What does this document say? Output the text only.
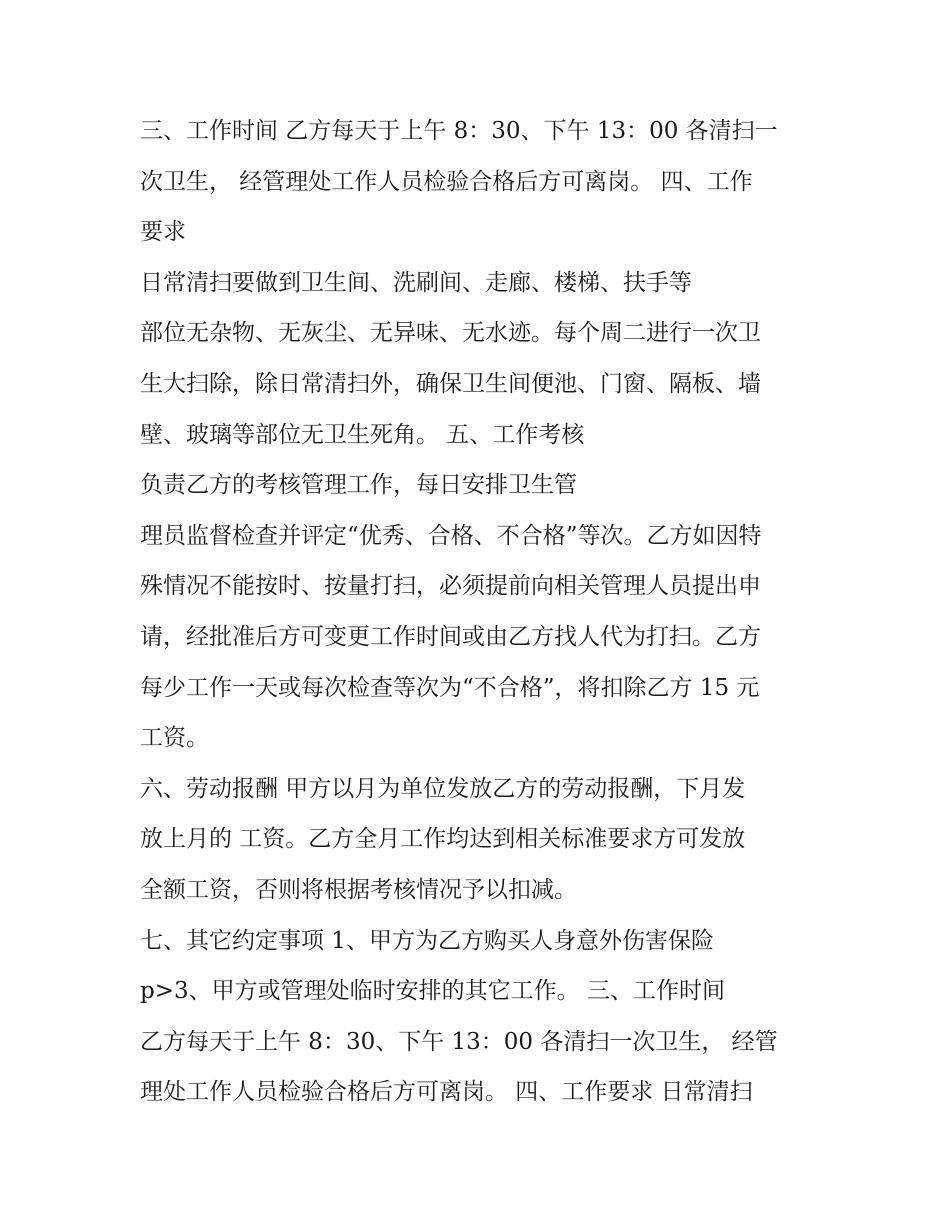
三、工作时间 乙方每天于上午 8：30、下午 13：00 各清扫一
次卫生， 经管理处工作人员检验合格后方可离岗。 四、工作
要求
日常清扫要做到卫生间、洗刷间、走廊、楼梯、扶手等
部位无杂物、无灰尘、无异味、无水迹。每个周二进行一次卫
生大扫除，除日常清扫外，确保卫生间便池、门窗、隔板、墙
壁、玻璃等部位无卫生死角。 五、工作考核
负责乙方的考核管理工作，每日安排卫生管
理员监督检查并评定“优秀、合格、不合格”等次。乙方如因特
殊情况不能按时、按量打扫，必须提前向相关管理人员提出申
请，经批准后方可变更工作时间或由乙方找人代为打扫。乙方
每少工作一天或每次检查等次为“不合格”，将扣除乙方 15 元
工资。
六、劳动报酬 甲方以月为单位发放乙方的劳动报酬，下月发
放上月的 工资。乙方全月工作均达到相关标准要求方可发放
全额工资，否则将根据考核情况予以扣减。
七、其它约定事项 1、甲方为乙方购买人身意外伤害保险
p>3、甲方或管理处临时安排的其它工作。 三、工作时间
乙方每天于上午 8：30、下午 13：00 各清扫一次卫生， 经管
理处工作人员检验合格后方可离岗。 四、工作要求 日常清扫
